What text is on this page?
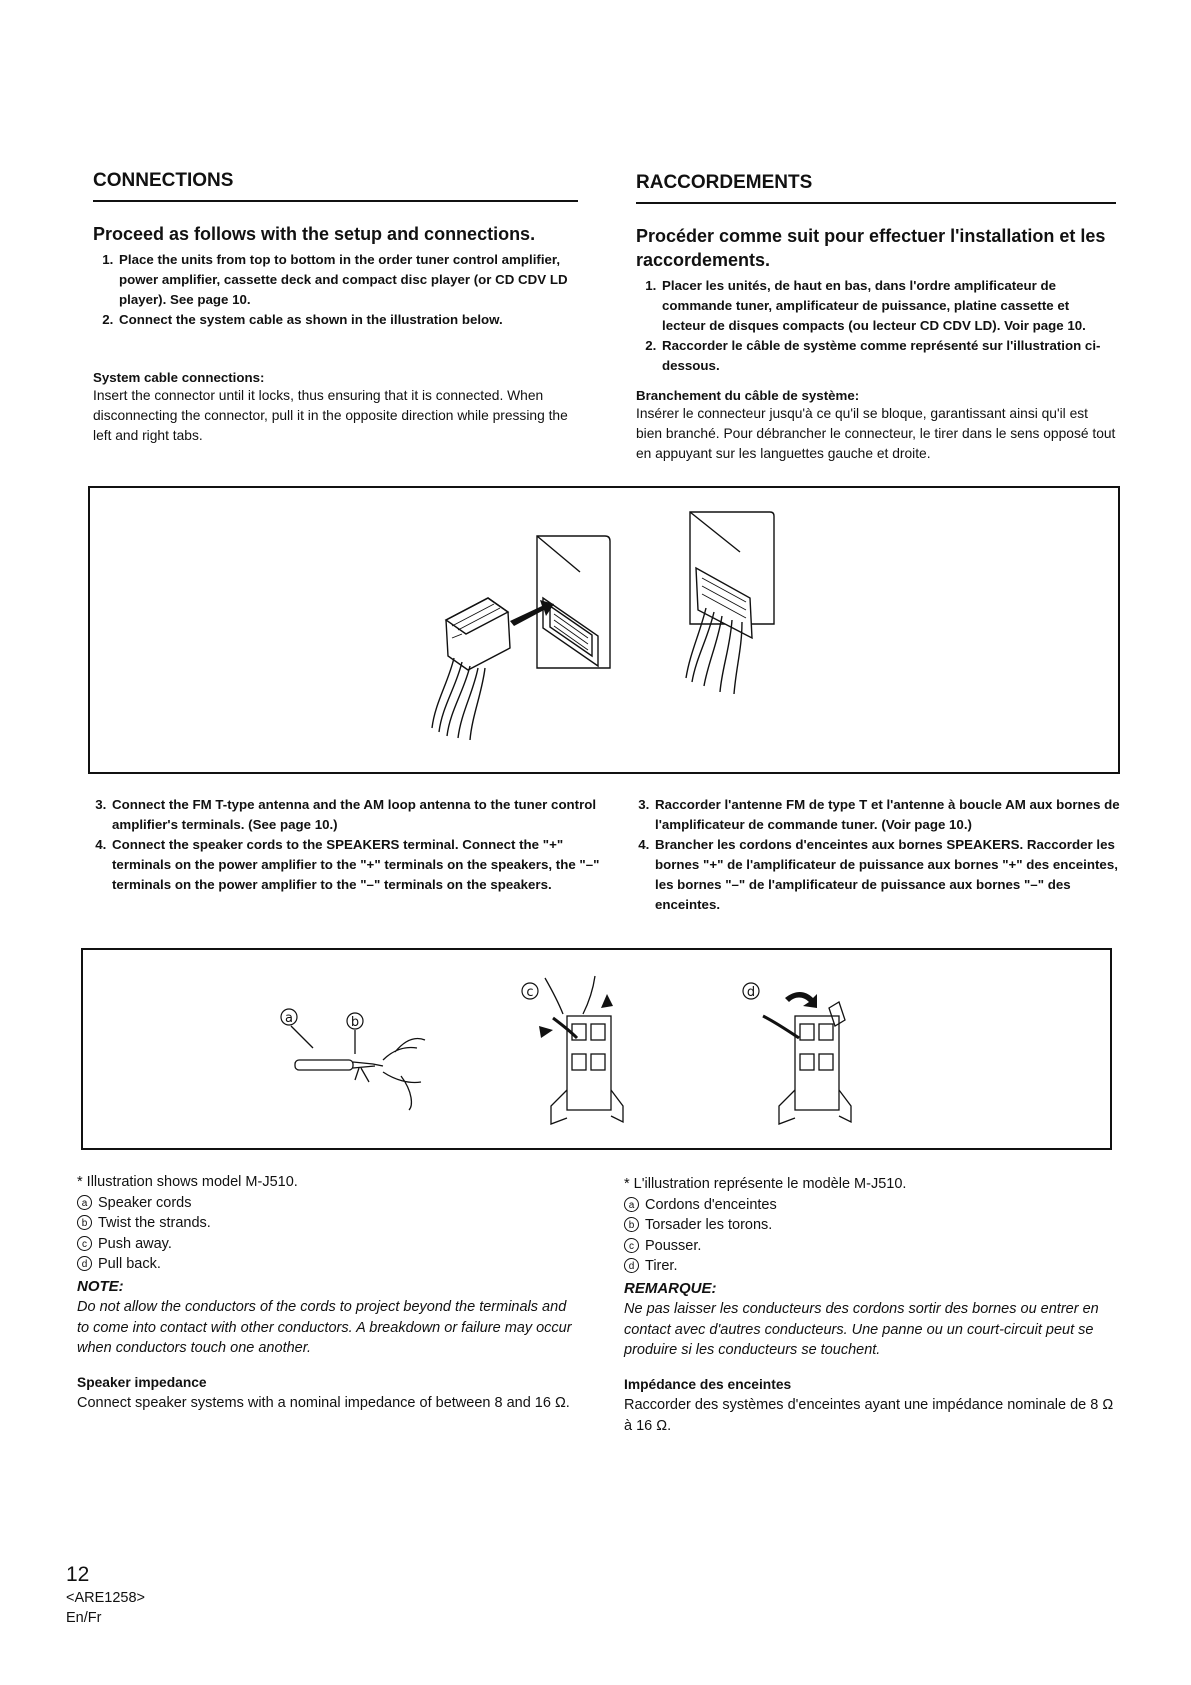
CONNECTIONS	RACCORDEMENTS

Proceed as follows with the setup and connections.

1. Place the units from top to bottom in the order tuner control amplifier, power amplifier, cassette deck and compact disc player (or CD CDV LD player). See page 10.
2. Connect the system cable as shown in the illustration below.
System cable connections:

Insert the connector until it locks, thus ensuring that it is connected. When disconnecting the connector, pull it in the opposite direction while pressing the left and right tabs.

Procéder comme suit pour effectuer l'installation et les raccordements.

1. Placer les unités, de haut en bas, dans l'ordre amplificateur de commande tuner, amplificateur de puissance, platine cassette et lecteur de disques compacts (ou lecteur CD CDV LD). Voir page 10.
2. Raccorder le câble de système comme représenté sur l'illustration ci-dessous.
Branchement du câble de système:

Insérer le connecteur jusqu'à ce qu'il se bloque, garantissant ainsi qu'il est bien branché. Pour débrancher le connecteur, le tirer dans le sens opposé tout en appuyant sur les languettes gauche et droite.

3. Connect the FM T-type antenna and the AM loop antenna to the tuner control amplifier's terminals. (See page 10.)
4. Connect the speaker cords to the SPEAKERS terminal. Connect the "+" terminals on the power amplifier to the "+" terminals on the speakers, the "–" terminals on the power amplifier to the "–" terminals on the speakers.
3. Raccorder l'antenne FM de type T et l'antenne à boucle AM aux bornes de l'amplificateur de commande tuner. (Voir page 10.)
4. Brancher les cordons d'enceintes aux bornes SPEAKERS. Raccorder les bornes "+" de l'amplificateur de puissance aux bornes "+" des enceintes, les bornes "–" de l'amplificateur de puissance aux bornes "–" des enceintes.
a	b
c	d
* Illustration shows model M-J510.
a Speaker cords
b Twist the strands.
c Push away.
d Pull back.
NOTE:
Do not allow the conductors of the cords to project beyond the terminals and to come into contact with other conductors. A breakdown or failure may occur when conductors touch one another.
Speaker impedance
Connect speaker systems with a nominal impedance of between 8 and 16 Ω.
* L'illustration représente le modèle M-J510.
a Cordons d'enceintes
b Torsader les torons.
c Pousser.
d Tirer.
REMARQUE:
Ne pas laisser les conducteurs des cordons sortir des bornes ou entrer en contact avec d'autres conducteurs. Une panne ou un court-circuit peut se produire si les conducteurs se touchent.
Impédance des enceintes
Raccorder des systèmes d'enceintes ayant une impédance nominale de 8 Ω à 16 Ω.
12
<ARE1258>
En/Fr
